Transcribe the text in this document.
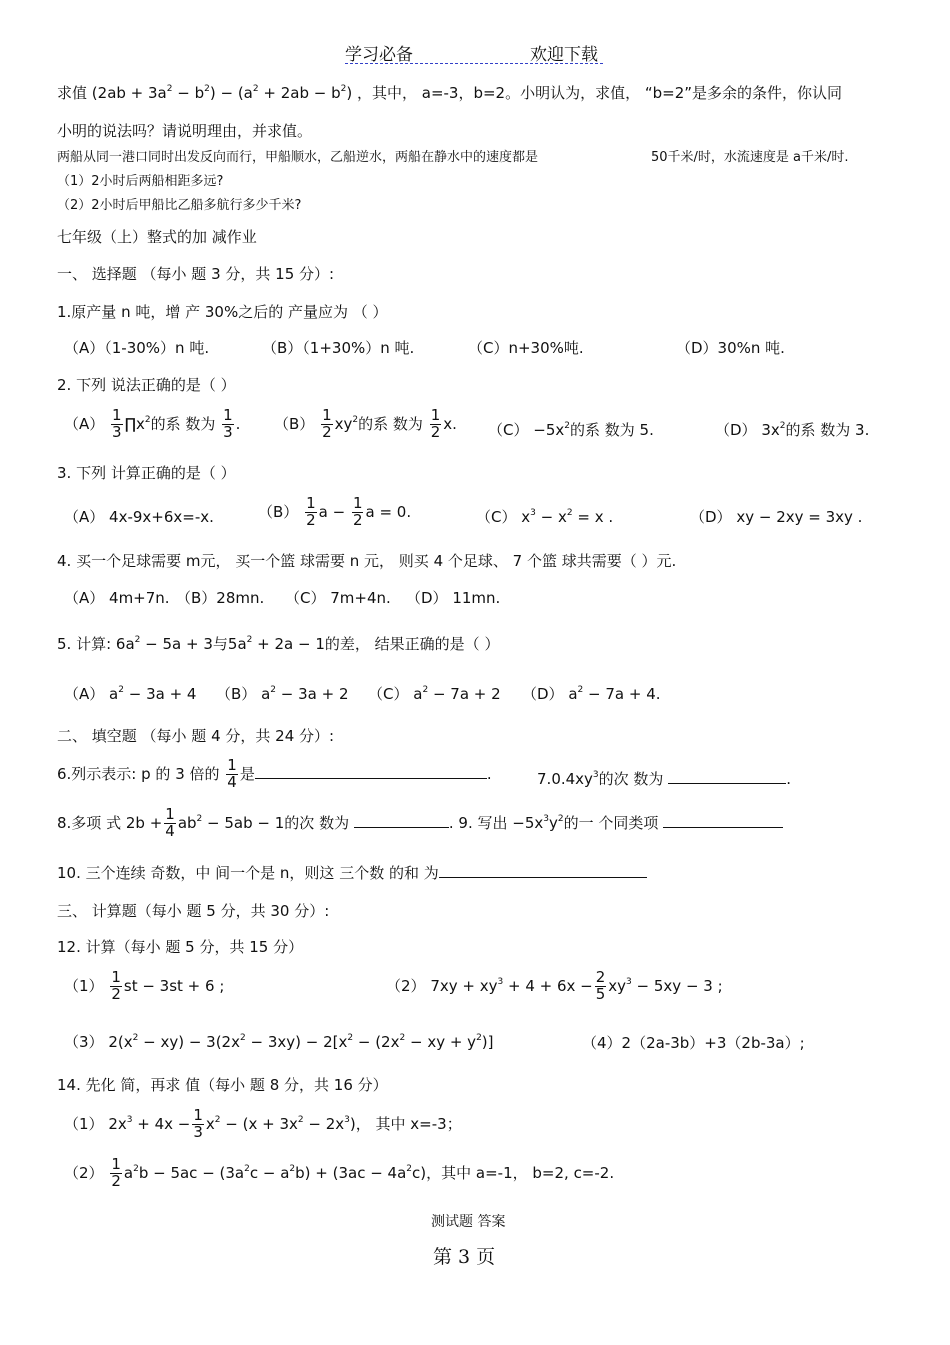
学习必备	欢迎下载
求值 $(2ab + 3a^2 - b^2) - (a^2 + 2ab - b^2)$ ，其中， a=-3，b=2。小明认为，求值， “b=2”是多余的条件，你认同
小明的说法吗？请说明理由，并求值。
两船从同一港口同时出发反向而行，甲船顺水，乙船逆水，两船在静水中的速度都是	50千米/时，水流速度是 a千米/时.
（1）2小时后两船相距多远?
（2）2小时后甲船比乙船多航行多少千米?
七年级（上）整式的加 减作业
一、 选择题 （每小 题 3 分，共 15 分）:
1.原产量 n 吨，增 产 30%之后的 产量应为 （ ）
（A）（1-30%）n 吨.	（B）（1+30%）n 吨.	（C）n+30%吨.	（D）30%n 吨.
2. 下列 说法正确的是（ ）
$(A) \frac{1}{3}$ $\prod x^2$的系 数为 $\frac{1}{3}$ . $(B) \frac{1}{2} xy^2$的系 数为 $\frac{1}{2} x$. $(C) -5x^2$的系 数为 5.	（D） $3x^2$的系 数为 3.
3. 下列 计算正确的是（ ）
（A） 4x-9x+6x=-x.	$(B) \frac{1}{2}$ $a - \frac{1}{2}$ a = 0.	（C） $x^3 - x^2 = x$ .	（D） xy − 2xy = 3xy .
4. 买一个足球需要 m元， 买一个篮 球需要 n 元， 则买 4 个足球、 7 个篮 球共需要（ ）元.
（A） 4m+7n. （B）28mn. （C） 7m+4n. （D） 11mn.
5. 计算: $6a^2 - 5a + 3$与$5a^2 + 2a - 1$的差， 结果正确的是（ ）
（A） $a^2 - 3a + 4$ （B） $a^2 - 3a + 2$ （C） $a^2 - 7a + 2$ （D） $a^2 - 7a + 4$.
二、 填空题 （每小 题 4 分，共 24 分）:
6.列示表示: p 的 3 倍的 $\frac{1}{4}$ 是	.	$7.0.4xy^3$的次 数为	.
8.多项 式 $2b + \frac{1}{4} ab^2 - 5ab - 1$的次 数为	. 9. 写出 $-5x^3y^2$的一 个同类项
10. 三个连续 奇数，中 间一个是 n，则这 三个数 的和 为
三、 计算题（每小 题 5 分，共 30 分）:
12. 计算（每小 题 5 分，共 15 分）
$(1) \frac{1}{2}$ st − 3st + 6 ;	（2） $7xy + xy^3 + 4 + 6x - \frac{2}{5} xy^3 - 5xy - 3$ ;
（3） $2(x^2 - xy) - 3(2x^2 - 3xy) - 2[x^2 - (2x^2$ − xy + $y^2$)]	（4）2（2a-3b）+3（2b-3a）;
14. 先化 简，再求 值（每小 题 8 分，共 16 分）
（1） $2x^3 + 4x - \frac{1}{3} x^2 - (x + 3x^2 - 2x^3)$， 其中 x=-3；
$(2) \frac{1}{2} a^2b - 5ac - (3a^2c - a^2b) + (3ac - 4a^2c)$，其中 a=-1， b=2, c=-2.
测试题 答案
第 3 页
